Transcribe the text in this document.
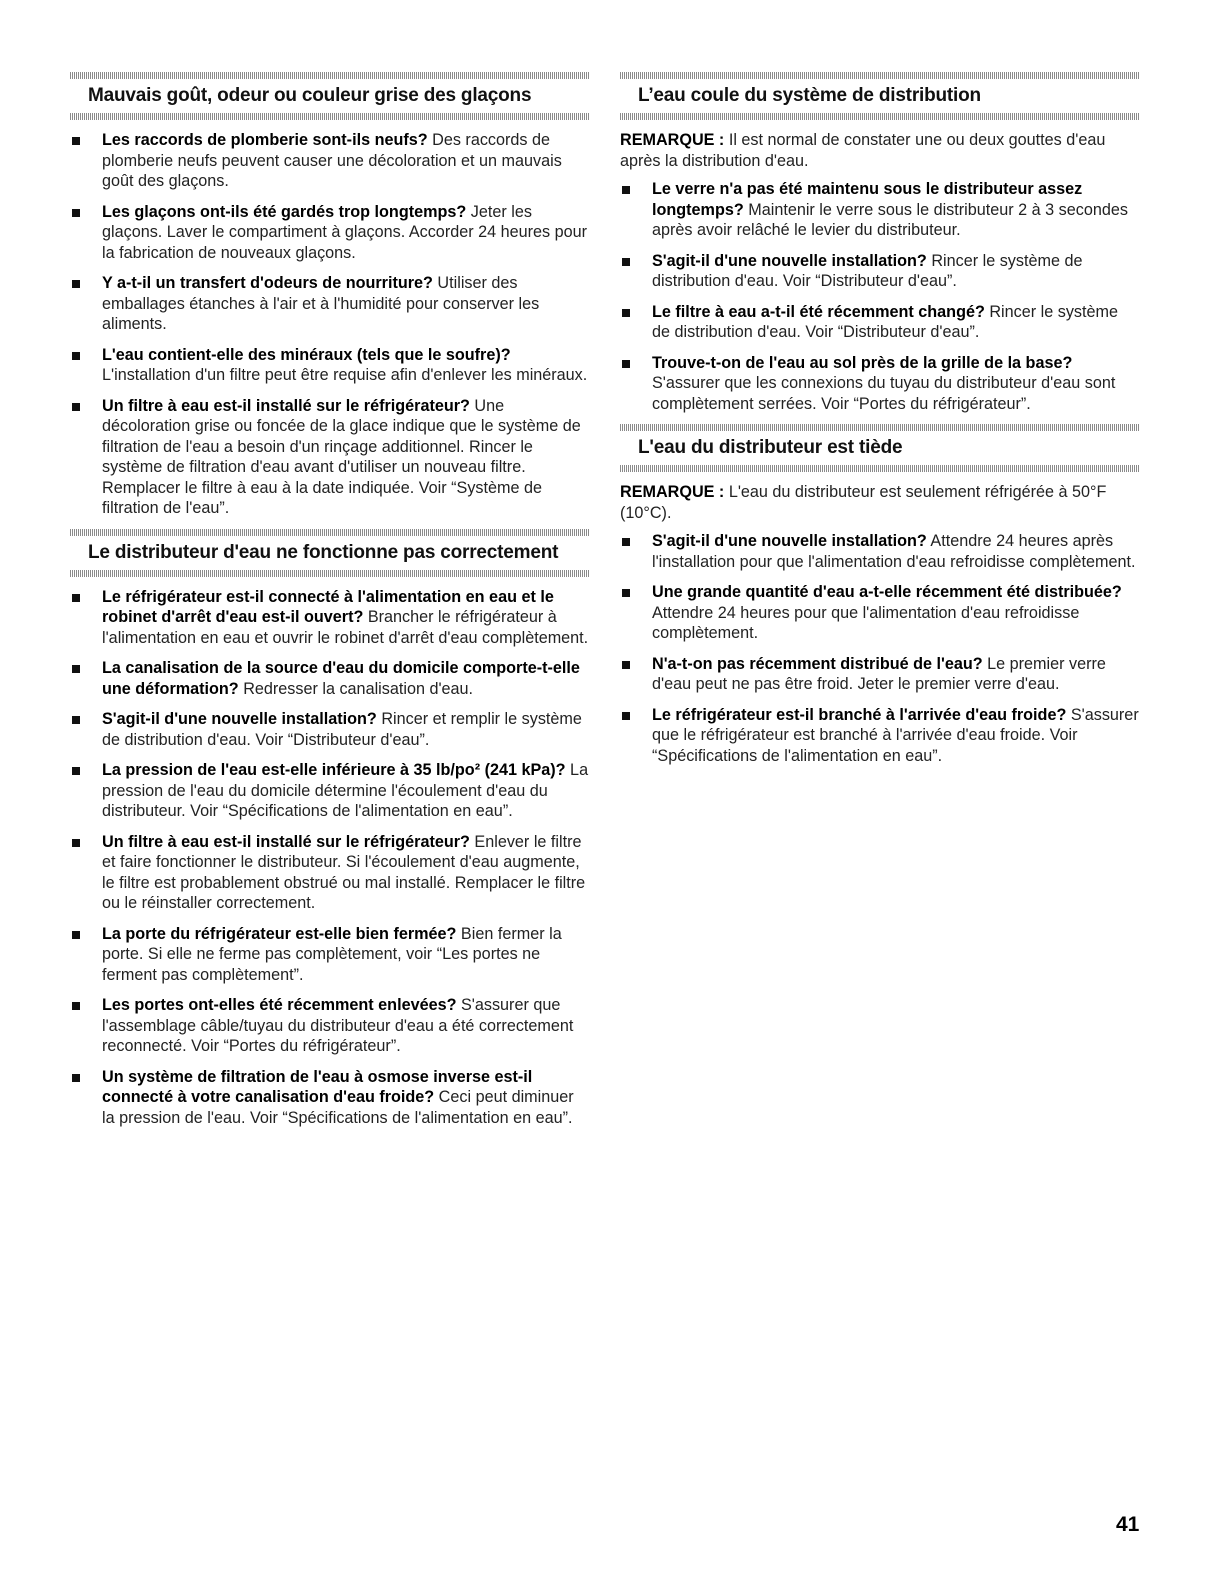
Mauvais goût, odeur ou couleur grise des glaçons
Les raccords de plomberie sont-ils neufs? Des raccords de plomberie neufs peuvent causer une décoloration et un mauvais goût des glaçons.
Les glaçons ont-ils été gardés trop longtemps? Jeter les glaçons. Laver le compartiment à glaçons. Accorder 24 heures pour la fabrication de nouveaux glaçons.
Y a-t-il un transfert d'odeurs de nourriture? Utiliser des emballages étanches à l'air et à l'humidité pour conserver les aliments.
L'eau contient-elle des minéraux (tels que le soufre)? L'installation d'un filtre peut être requise afin d'enlever les minéraux.
Un filtre à eau est-il installé sur le réfrigérateur? Une décoloration grise ou foncée de la glace indique que le système de filtration de l'eau a besoin d'un rinçage additionnel. Rincer le système de filtration d'eau avant d'utiliser un nouveau filtre. Remplacer le filtre à eau à la date indiquée. Voir “Système de filtration de l'eau”.
Le distributeur d'eau ne fonctionne pas correctement
Le réfrigérateur est-il connecté à l'alimentation en eau et le robinet d'arrêt d'eau est-il ouvert? Brancher le réfrigérateur à l'alimentation en eau et ouvrir le robinet d'arrêt d'eau complètement.
La canalisation de la source d'eau du domicile comporte-t-elle une déformation? Redresser la canalisation d'eau.
S'agit-il d'une nouvelle installation? Rincer et remplir le système de distribution d'eau. Voir “Distributeur d'eau”.
La pression de l'eau est-elle inférieure à 35 lb/po² (241 kPa)? La pression de l'eau du domicile détermine l'écoulement d'eau du distributeur. Voir “Spécifications de l'alimentation en eau”.
Un filtre à eau est-il installé sur le réfrigérateur? Enlever le filtre et faire fonctionner le distributeur. Si l'écoulement d'eau augmente, le filtre est probablement obstrué ou mal installé. Remplacer le filtre ou le réinstaller correctement.
La porte du réfrigérateur est-elle bien fermée? Bien fermer la porte. Si elle ne ferme pas complètement, voir “Les portes ne ferment pas complètement”.
Les portes ont-elles été récemment enlevées? S'assurer que l'assemblage câble/tuyau du distributeur d'eau a été correctement reconnecté. Voir “Portes du réfrigérateur”.
Un système de filtration de l'eau à osmose inverse est-il connecté à votre canalisation d'eau froide? Ceci peut diminuer la pression de l'eau. Voir “Spécifications de l'alimentation en eau”.
L’eau coule du système de distribution

REMARQUE : Il est normal de constater une ou deux gouttes d'eau après la distribution d'eau.

Le verre n'a pas été maintenu sous le distributeur assez longtemps? Maintenir le verre sous le distributeur 2 à 3 secondes après avoir relâché le levier du distributeur.
S'agit-il d'une nouvelle installation? Rincer le système de distribution d'eau. Voir “Distributeur d'eau”.
Le filtre à eau a-t-il été récemment changé? Rincer le système de distribution d'eau. Voir “Distributeur d'eau”.
Trouve-t-on de l'eau au sol près de la grille de la base? S'assurer que les connexions du tuyau du distributeur d'eau sont complètement serrées. Voir “Portes du réfrigérateur”.
L'eau du distributeur est tiède

REMARQUE : L'eau du distributeur est seulement réfrigérée à 50°F (10°C).

S'agit-il d'une nouvelle installation? Attendre 24 heures après l'installation pour que l'alimentation d'eau refroidisse complètement.
Une grande quantité d'eau a-t-elle récemment été distribuée? Attendre 24 heures pour que l'alimentation d'eau refroidisse complètement.
N'a-t-on pas récemment distribué de l'eau? Le premier verre d'eau peut ne pas être froid. Jeter le premier verre d'eau.
Le réfrigérateur est-il branché à l'arrivée d'eau froide? S'assurer que le réfrigérateur est branché à l'arrivée d'eau froide. Voir “Spécifications de l'alimentation en eau”.
41
